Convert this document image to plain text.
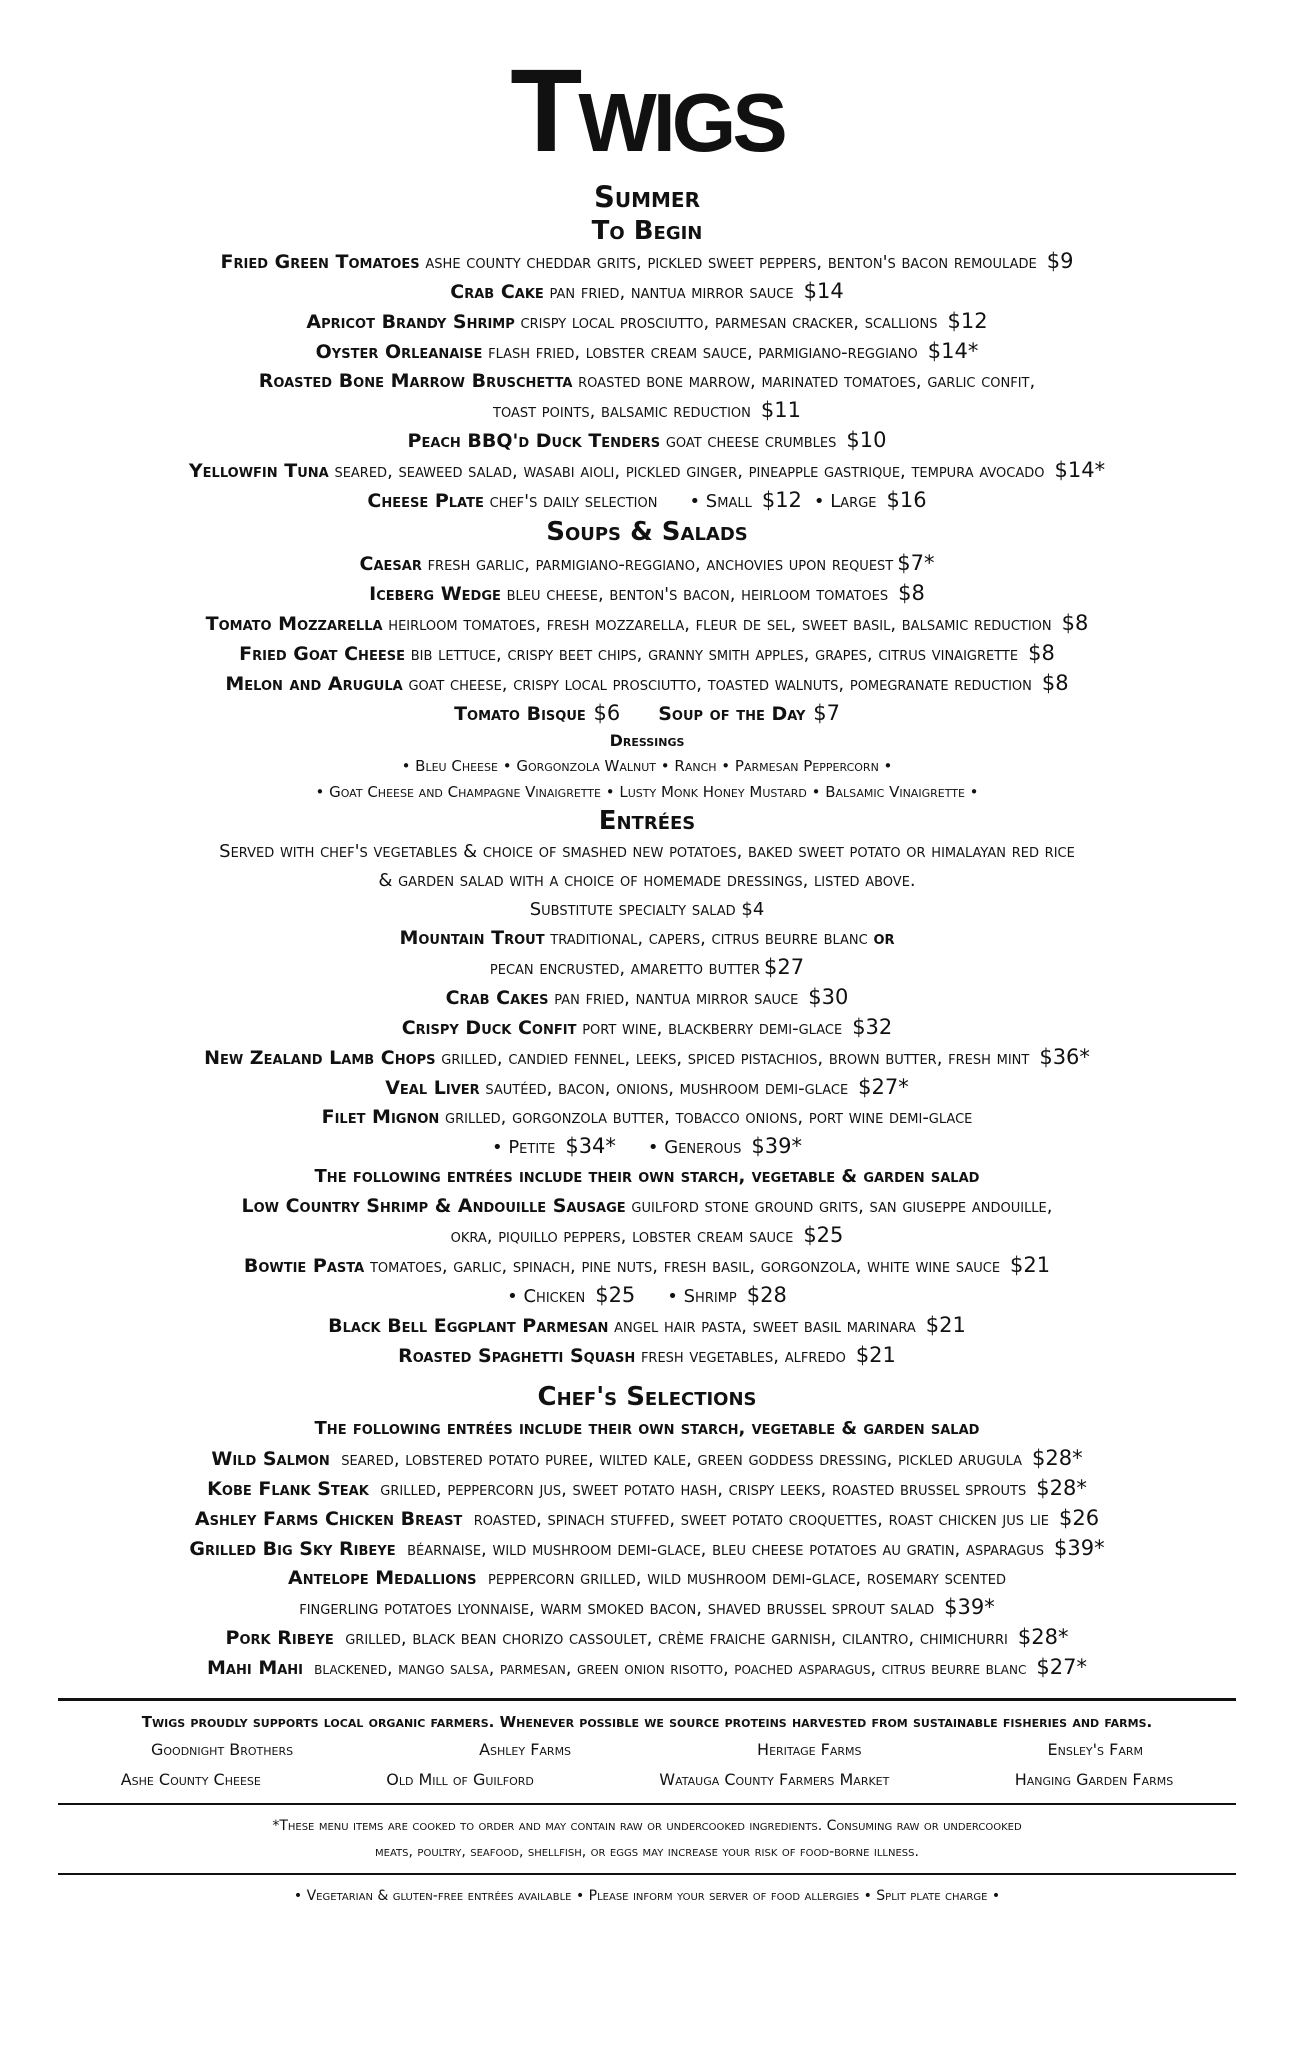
Twigs
Summer
To Begin
Fried Green Tomatoes ashe county cheddar grits, pickled sweet peppers, benton's bacon remoulade $9
Crab Cake pan fried, nantua mirror sauce $14
Apricot Brandy Shrimp crispy local prosciutto, parmesan cracker, scallions $12
Oyster Orleanaise flash fried, lobster cream sauce, parmigiano-reggiano $14*
Roasted Bone Marrow Bruschetta roasted bone marrow, marinated tomatoes, garlic confit,
toast points, balsamic reduction $11
Peach BBQ'd Duck Tenders goat cheese crumbles $10
Yellowfin Tuna seared, seaweed salad, wasabi aioli, pickled ginger, pineapple gastrique, tempura avocado $14*
Cheese Plate chef's daily selection • Small $12 • Large $16
Soups & Salads
Caesar fresh garlic, parmigiano-reggiano, anchovies upon request $7*
Iceberg Wedge bleu cheese, benton's bacon, heirloom tomatoes $8
Tomato Mozzarella heirloom tomatoes, fresh mozzarella, fleur de sel, sweet basil, balsamic reduction $8
Fried Goat Cheese bib lettuce, crispy beet chips, granny smith apples, grapes, citrus vinaigrette $8
Melon and Arugula goat cheese, crispy local prosciutto, toasted walnuts, pomegranate reduction $8
Tomato Bisque $6 Soup of the Day $7
Dressings
• Bleu Cheese • Gorgonzola Walnut • Ranch • Parmesan Peppercorn •
• Goat Cheese and Champagne Vinaigrette • Lusty Monk Honey Mustard • Balsamic Vinaigrette •
Entrées
Served with chef's vegetables & choice of smashed new potatoes, baked sweet potato or himalayan red rice
& garden salad with a choice of homemade dressings, listed above.
Substitute specialty salad $4
Mountain Trout traditional, capers, citrus beurre blanc or
pecan encrusted, amaretto butter $27
Crab Cakes pan fried, nantua mirror sauce $30
Crispy Duck Confit port wine, blackberry demi-glace $32
New Zealand Lamb Chops grilled, candied fennel, leeks, spiced pistachios, brown butter, fresh mint $36*
Veal Liver sautéed, bacon, onions, mushroom demi-glace $27*
Filet Mignon grilled, gorgonzola butter, tobacco onions, port wine demi-glace
• Petite $34* • Generous $39*
The following entrées include their own starch, vegetable & garden salad
Low Country Shrimp & Andouille Sausage guilford stone ground grits, san giuseppe andouille,
okra, piquillo peppers, lobster cream sauce $25
Bowtie Pasta tomatoes, garlic, spinach, pine nuts, fresh basil, gorgonzola, white wine sauce $21
• Chicken $25 • Shrimp $28
Black Bell Eggplant Parmesan angel hair pasta, sweet basil marinara $21
Roasted Spaghetti Squash fresh vegetables, alfredo $21
Chef's Selections
The following entrées include their own starch, vegetable & garden salad
Wild Salmon seared, lobstered potato puree, wilted kale, green goddess dressing, pickled arugula $28*
Kobe Flank Steak grilled, peppercorn jus, sweet potato hash, crispy leeks, roasted brussel sprouts $28*
Ashley Farms Chicken Breast roasted, spinach stuffed, sweet potato croquettes, roast chicken jus lie $26
Grilled Big Sky Ribeye béarnaise, wild mushroom demi-glace, bleu cheese potatoes au gratin, asparagus $39*
Antelope Medallions peppercorn grilled, wild mushroom demi-glace, rosemary scented
fingerling potatoes lyonnaise, warm smoked bacon, shaved brussel sprout salad $39*
Pork Ribeye grilled, black bean chorizo cassoulet, crème fraiche garnish, cilantro, chimichurri $28*
Mahi Mahi blackened, mango salsa, parmesan, green onion risotto, poached asparagus, citrus beurre blanc $27*
Twigs proudly supports local organic farmers. Whenever possible we source proteins harvested from sustainable fisheries and farms.
Goodnight Brothers	Ashley Farms	Heritage Farms	Ensley's Farm
Ashe County Cheese	Old Mill of Guilford	Watauga County Farmers Market	Hanging Garden Farms
*These menu items are cooked to order and may contain raw or undercooked ingredients. Consuming raw or undercooked
meats, poultry, seafood, shellfish, or eggs may increase your risk of food-borne illness.
• Vegetarian & gluten-free entrées available • Please inform your server of food allergies • Split plate charge •
